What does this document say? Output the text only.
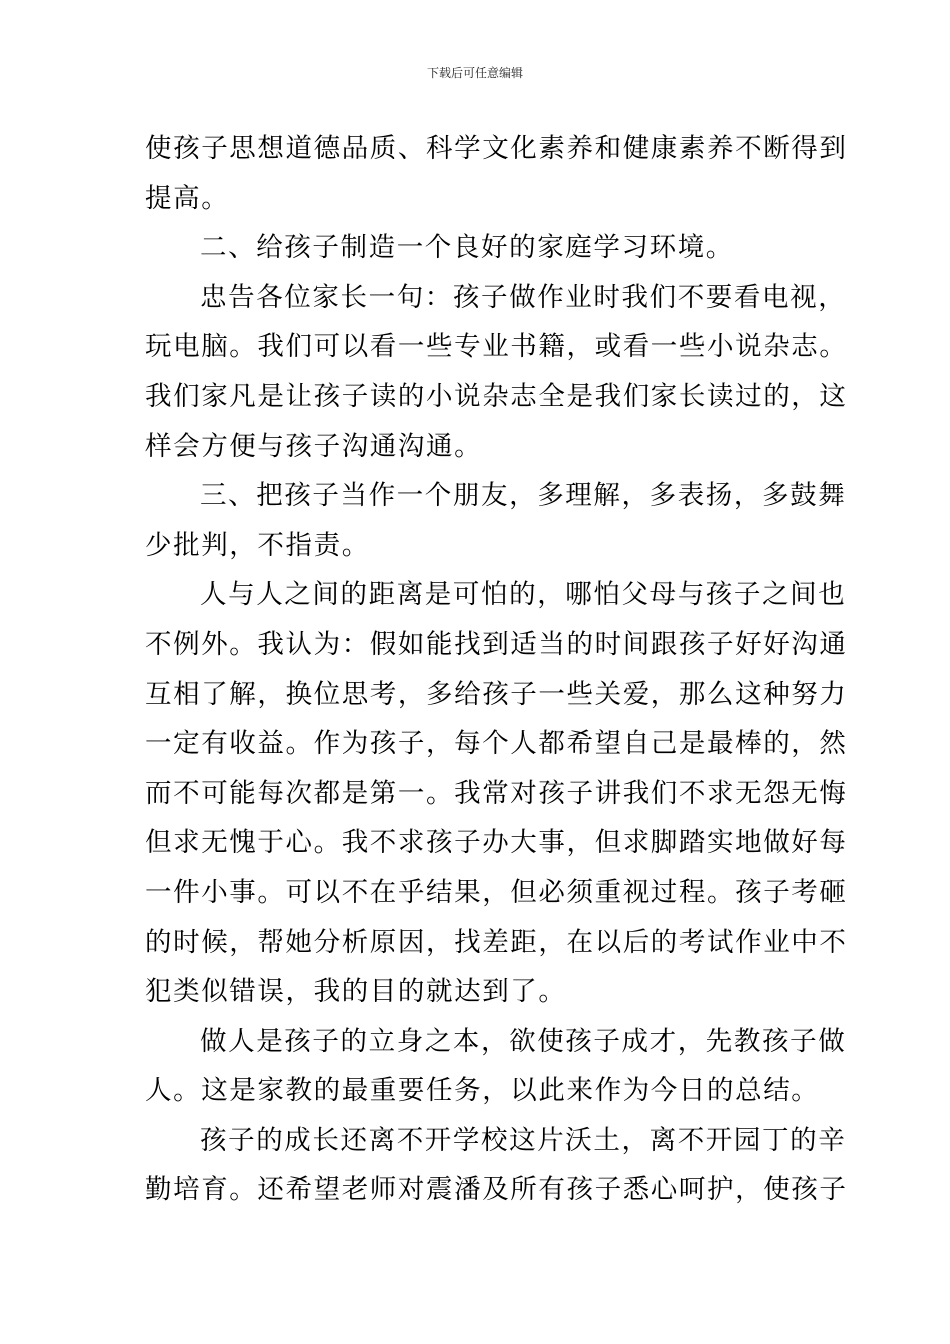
下载后可任意编辑

使孩子思想道德品质、科学文化素养和健康素养不断得到
提高。

二、给孩子制造一个良好的家庭学习环境。

忠告各位家长一句：孩子做作业时我们不要看电视，
玩电脑。我们可以看一些专业书籍，或看一些小说杂志。
我们家凡是让孩子读的小说杂志全是我们家长读过的，这
样会方便与孩子沟通沟通。

三、把孩子当作一个朋友，多理解，多表扬，多鼓舞
少批判，不指责。

人与人之间的距离是可怕的，哪怕父母与孩子之间也
不例外。我认为：假如能找到适当的时间跟孩子好好沟通
互相了解，换位思考，多给孩子一些关爱，那么这种努力
一定有收益。作为孩子，每个人都希望自己是最棒的，然
而不可能每次都是第一。我常对孩子讲我们不求无怨无悔
但求无愧于心。我不求孩子办大事，但求脚踏实地做好每
一件小事。可以不在乎结果，但必须重视过程。孩子考砸
的时候，帮她分析原因，找差距，在以后的考试作业中不
犯类似错误，我的目的就达到了。

做人是孩子的立身之本，欲使孩子成才，先教孩子做
人。这是家教的最重要任务，以此来作为今日的总结。

孩子的成长还离不开学校这片沃土，离不开园丁的辛
勤培育。还希望老师对震潘及所有孩子悉心呵护，使孩子
